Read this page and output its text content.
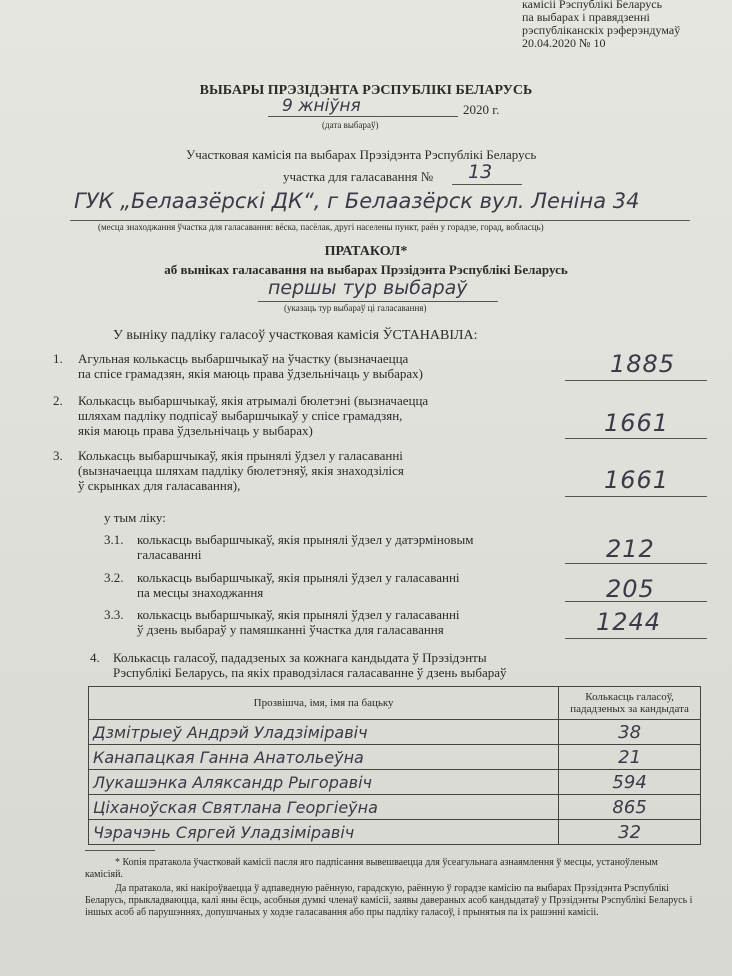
камісіі Рэспублікі Беларусь
па выбарах і правядзенні
рэспубліканскіх рэферэндумаў
20.04.2020 № 10
ВЫБАРЫ ПРЭЗІДЭНТА РЭСПУБЛІКІ БЕЛАРУСЬ
9 жніўня	2020 г.
(дата выбараў)
Участковая камісія па выбарах Прэзідэнта Рэспублікі Беларусь
участка для галасавання № 13
ГУК „Белаазёрскі ДК“, г Белаазёрск вул. Леніна 34
(месца знаходжання ўчастка для галасавання: вёска, пасёлак, другі населены пункт, раён у горадзе, горад, вобласць)
ПРАТАКОЛ*
аб выніках галасавання на выбарах Прэзідэнта Рэспублікі Беларусь
першы тур выбараў
(указаць тур выбараў ці галасавання)
У выніку падліку галасоў участковая камісія ЎСТАНАВІЛА:
1. Агульная колькасць выбаршчыкаў на ўчастку (вызначаецца
па спісе грамадзян, якія маюць права ўдзельнічаць у выбарах)	1885
2. Колькасць выбаршчыкаў, якія атрымалі бюлетэні (вызначаецца
шляхам падліку подпісаў выбаршчыкаў у спісе грамадзян,
якія маюць права ўдзельнічаць у выбарах)	1661
3. Колькасць выбаршчыкаў, якія прынялі ўдзел у галасаванні
(вызначаецца шляхам падліку бюлетэняў, якія знаходзіліся
ў скрынках для галасавання),	1661
у тым ліку:
3.1. колькасць выбаршчыкаў, якія прынялі ўдзел у датэрміновым
галасаванні	212
3.2. колькасць выбаршчыкаў, якія прынялі ўдзел у галасаванні
па месцы знаходжання	205
3.3. колькасць выбаршчыкаў, якія прынялі ўдзел у галасаванні
ў дзень выбараў у памяшканні ўчастка для галасавання	1244
4. Колькасць галасоў, пададзеных за кожнага кандыдата ў Прэзідэнты
Рэспублікі Беларусь, па якіх праводзілася галасаванне ў дзень выбараў
Прозвішча, імя, імя па бацьку	Колькасць галасоў, пададзеных за кандыдата
Дзмітрыеў Андрэй Уладзіміравіч	38
Канапацкая Ганна Анатольеўна	21
Лукашэнка Аляксандр Рыгоравіч	594
Ціханоўская Святлана Георгіеўна	865
Чэрачэнь Сяргей Уладзіміравіч	32
* Копія пратакола ўчастковай камісіі пасля яго падпісання вывешваецца для ўсеагульнага азнаямлення ў месцы, устаноўленым камісіяй.
Да пратакола, які накіроўваецца ў адпаведную раённую, гарадскую, раённую ў горадзе камісію па выбарах Прэзідэнта Рэспублікі Беларусь, прыкладваюцца, калі яны ёсць, асобныя думкі членаў камісіі, заявы давераных асоб кандыдатаў у Прэзідэнты Рэспублікі Беларусь і іншых асоб аб парушэннях, допушчаных у ходзе галасавання або пры падліку галасоў, і прынятыя па іх рашэнні камісіі.
